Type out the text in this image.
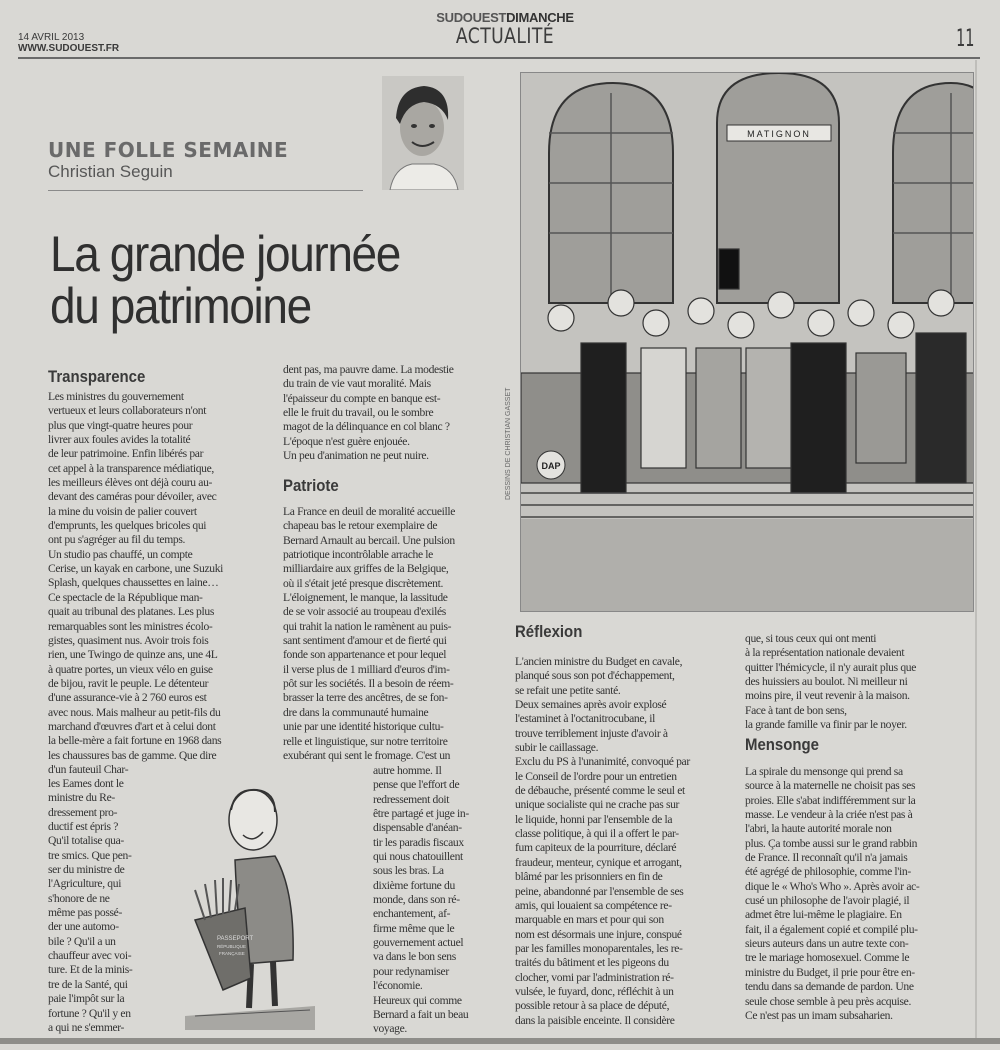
14 AVRIL 2013
WWW.SUDOUEST.FR
SUDOUESTDIMANCHE
ACTUALITÉ	11
UNE FOLLE SEMAINE
Christian Seguin
La grande journée
du patrimoine
Transparence
Les ministres du gouvernement
vertueux et leurs collaborateurs n'ont
plus que vingt-quatre heures pour
livrer aux foules avides la totalité
de leur patrimoine. Enfin libérés par
cet appel à la transparence médiatique,
les meilleurs élèves ont déjà couru au-
devant des caméras pour dévoiler, avec
la mine du voisin de palier couvert
d'emprunts, les quelques bricoles qui
ont pu s'agréger au fil du temps.
Un studio pas chauffé, un compte
Cerise, un kayak en carbone, une Suzuki
Splash, quelques chaussettes en laine…
Ce spectacle de la République man-
quait au tribunal des platanes. Les plus
remarquables sont les ministres écolo-
gistes, quasiment nus. Avoir trois fois
rien, une Twingo de quinze ans, une 4L
à quatre portes, un vieux vélo en guise
de bijou, ravit le peuple. Le détenteur
d'une assurance-vie à 2 760 euros est
avec nous. Mais malheur au petit-fils du
marchand d'œuvres d'art et à celui dont
la belle-mère a fait fortune en 1968 dans
les chaussures bas de gamme. Que dire
d'un fauteuil Char-
les Eames dont le
ministre du Re-
dressement pro-
ductif est épris ?
Qu'il totalise qua-
tre smics. Que pen-
ser du ministre de
l'Agriculture, qui
s'honore de ne
même pas possé-
der une automo-
bile ? Qu'il a un
chauffeur avec voi-
ture. Et de la minis-
tre de la Santé, qui
paie l'impôt sur la
fortune ? Qu'il y en
a qui ne s'emmer-
dent pas, ma pauvre dame. La modestie
du train de vie vaut moralité. Mais
l'épaisseur du compte en banque est-
elle le fruit du travail, ou le sombre
magot de la délinquance en col blanc ?
L'époque n'est guère enjouée.
Un peu d'animation ne peut nuire.
Patriote
La France en deuil de moralité accueille
chapeau bas le retour exemplaire de
Bernard Arnault au bercail. Une pulsion
patriotique incontrôlable arrache le
milliardaire aux griffes de la Belgique,
où il s'était jeté presque discrètement.
L'éloignement, le manque, la lassitude
de se voir associé au troupeau d'exilés
qui trahit la nation le ramènent au puis-
sant sentiment d'amour et de fierté qui
fonde son appartenance et pour lequel
il verse plus de 1 milliard d'euros d'im-
pôt sur les sociétés. Il a besoin de réem-
brasser la terre des ancêtres, de se fon-
dre dans la communauté humaine
unie par une identité historique cultu-
relle et linguistique, sur notre territoire
exubérant qui sent le fromage. C'est un
autre homme. Il
pense que l'effort de
redressement doit
être partagé et juge in-
dispensable d'anéan-
tir les paradis fiscaux
qui nous chatouillent
sous les bras. La
dixième fortune du
monde, dans son ré-
enchantement, af-
firme même que le
gouvernement actuel
va dans le bon sens
pour redynamiser
l'économie.
Heureux qui comme
Bernard a fait un beau
voyage.
PASSEPORT
RÉPUBLIQUE
FRANÇAISE
MATIGNON
DAP
DESSINS DE CHRISTIAN GASSET
Réflexion
L'ancien ministre du Budget en cavale,
planqué sous son pot d'échappement,
se refait une petite santé.
Deux semaines après avoir explosé
l'estaminet à l'octanitrocubane, il
trouve terriblement injuste d'avoir à
subir le caillassage.
Exclu du PS à l'unanimité, convoqué par
le Conseil de l'ordre pour un entretien
de débauche, présenté comme le seul et
unique socialiste qui ne crache pas sur
le liquide, honni par l'ensemble de la
classe politique, à qui il a offert le par-
fum capiteux de la pourriture, déclaré
fraudeur, menteur, cynique et arrogant,
blâmé par les prisonniers en fin de
peine, abandonné par l'ensemble de ses
amis, qui louaient sa compétence re-
marquable en mars et pour qui son
nom est désormais une injure, conspué
par les familles monoparentales, les re-
traités du bâtiment et les pigeons du
clocher, vomi par l'administration ré-
vulsée, le fuyard, donc, réfléchit à un
possible retour à sa place de député,
dans la paisible enceinte. Il considère
que, si tous ceux qui ont menti
à la représentation nationale devaient
quitter l'hémicycle, il n'y aurait plus que
des huissiers au boulot. Ni meilleur ni
moins pire, il veut revenir à la maison.
Face à tant de bon sens,
la grande famille va finir par le noyer.
Mensonge
La spirale du mensonge qui prend sa
source à la maternelle ne choisit pas ses
proies. Elle s'abat indifféremment sur la
masse. Le vendeur à la criée n'est pas à
l'abri, la haute autorité morale non
plus. Ça tombe aussi sur le grand rabbin
de France. Il reconnaît qu'il n'a jamais
été agrégé de philosophie, comme l'in-
dique le « Who's Who ». Après avoir ac-
cusé un philosophe de l'avoir plagié, il
admet être lui-même le plagiaire. En
fait, il a également copié et compilé plu-
sieurs auteurs dans un autre texte con-
tre le mariage homosexuel. Comme le
ministre du Budget, il prie pour être en-
tendu dans sa demande de pardon. Une
seule chose semble à peu près acquise.
Ce n'est pas un imam subsaharien.
